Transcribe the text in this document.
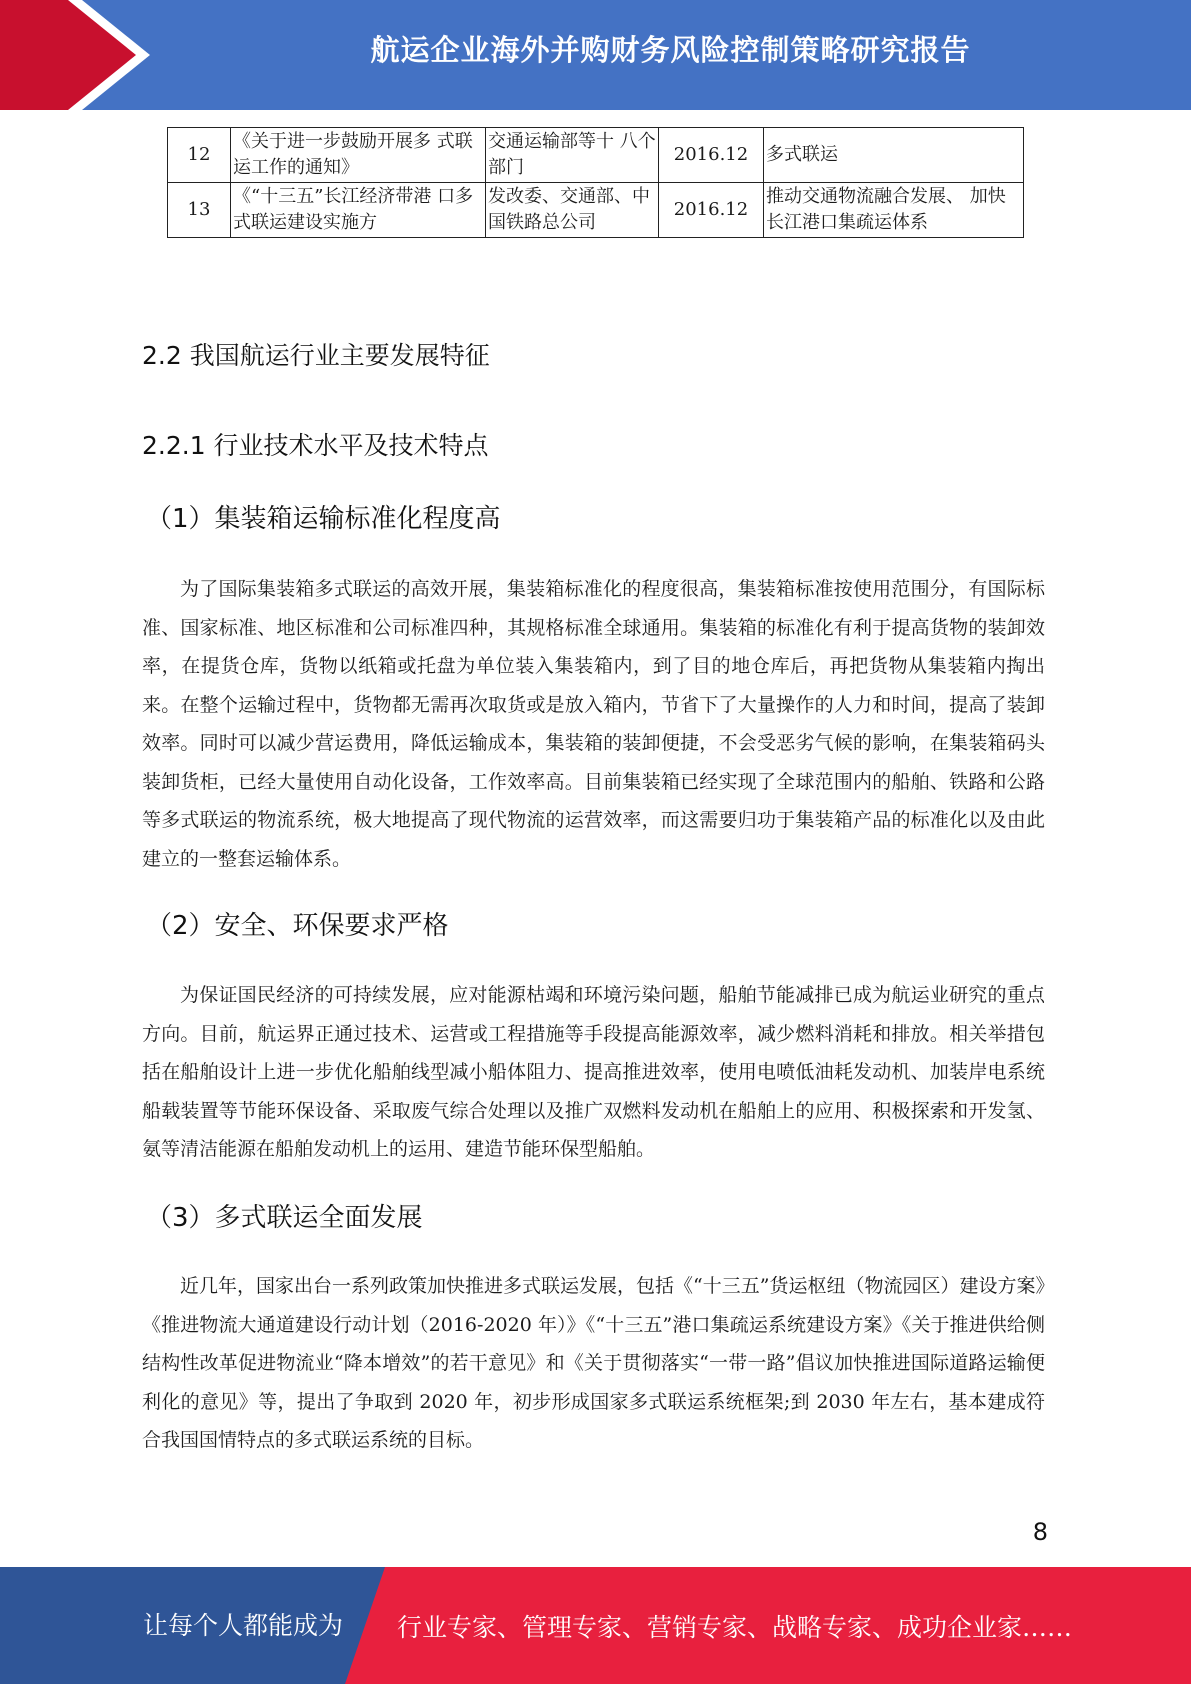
航运企业海外并购财务风险控制策略研究报告
12	《关于进一步鼓励开展多 式联运工作的通知》	交通运输部等十 八个部门	2016.12	多式联运
13	《“十三五”长江经济带港 口多式联运建设实施方	发改委、交通部、中国铁路总公司	2016.12	推动交通物流融合发展、 加快长江港口集疏运体系
2.2 我国航运行业主要发展特征
2.2.1 行业技术水平及技术特点
（1）集装箱运输标准化程度高

为了国际集装箱多式联运的高效开展，集装箱标准化的程度很高，集装箱标准按使用范围分，有国际标准、国家标准、地区标准和公司标准四种，其规格标准全球通用。集装箱的标准化有利于提高货物的装卸效率，在提货仓库，货物以纸箱或托盘为单位装入集装箱内，到了目的地仓库后，再把货物从集装箱内掏出来。在整个运输过程中，货物都无需再次取货或是放入箱内，节省下了大量操作的人力和时间，提高了装卸效率。同时可以减少营运费用，降低运输成本，集装箱的装卸便捷，不会受恶劣气候的影响，在集装箱码头装卸货柜，已经大量使用自动化设备，工作效率高。目前集装箱已经实现了全球范围内的船舶、铁路和公路等多式联运的物流系统，极大地提高了现代物流的运营效率，而这需要归功于集装箱产品的标准化以及由此建立的一整套运输体系。

（2）安全、环保要求严格

为保证国民经济的可持续发展，应对能源枯竭和环境污染问题，船舶节能减排已成为航运业研究的重点方向。目前，航运界正通过技术、运营或工程措施等手段提高能源效率，减少燃料消耗和排放。相关举措包括在船舶设计上进一步优化船舶线型减小船体阻力、提高推进效率，使用电喷低油耗发动机、加装岸电系统船载装置等节能环保设备、采取废气综合处理以及推广双燃料发动机在船舶上的应用、积极探索和开发氢、氨等清洁能源在船舶发动机上的运用、建造节能环保型船舶。

（3）多式联运全面发展

近几年，国家出台一系列政策加快推进多式联运发展，包括《“十三五”货运枢纽（物流园区）建设方案》《推进物流大通道建设行动计划（2016-2020 年）》《“十三五”港口集疏运系统建设方案》《关于推进供给侧结构性改革促进物流业“降本增效”的若干意见》和《关于贯彻落实“一带一路”倡议加快推进国际道路运输便利化的意见》等，提出了争取到 2020 年，初步形成国家多式联运系统框架;到 2030 年左右，基本建成符合我国国情特点的多式联运系统的目标。

8
让每个人都能成为 行业专家、管理专家、营销专家、战略专家、成功企业家……
